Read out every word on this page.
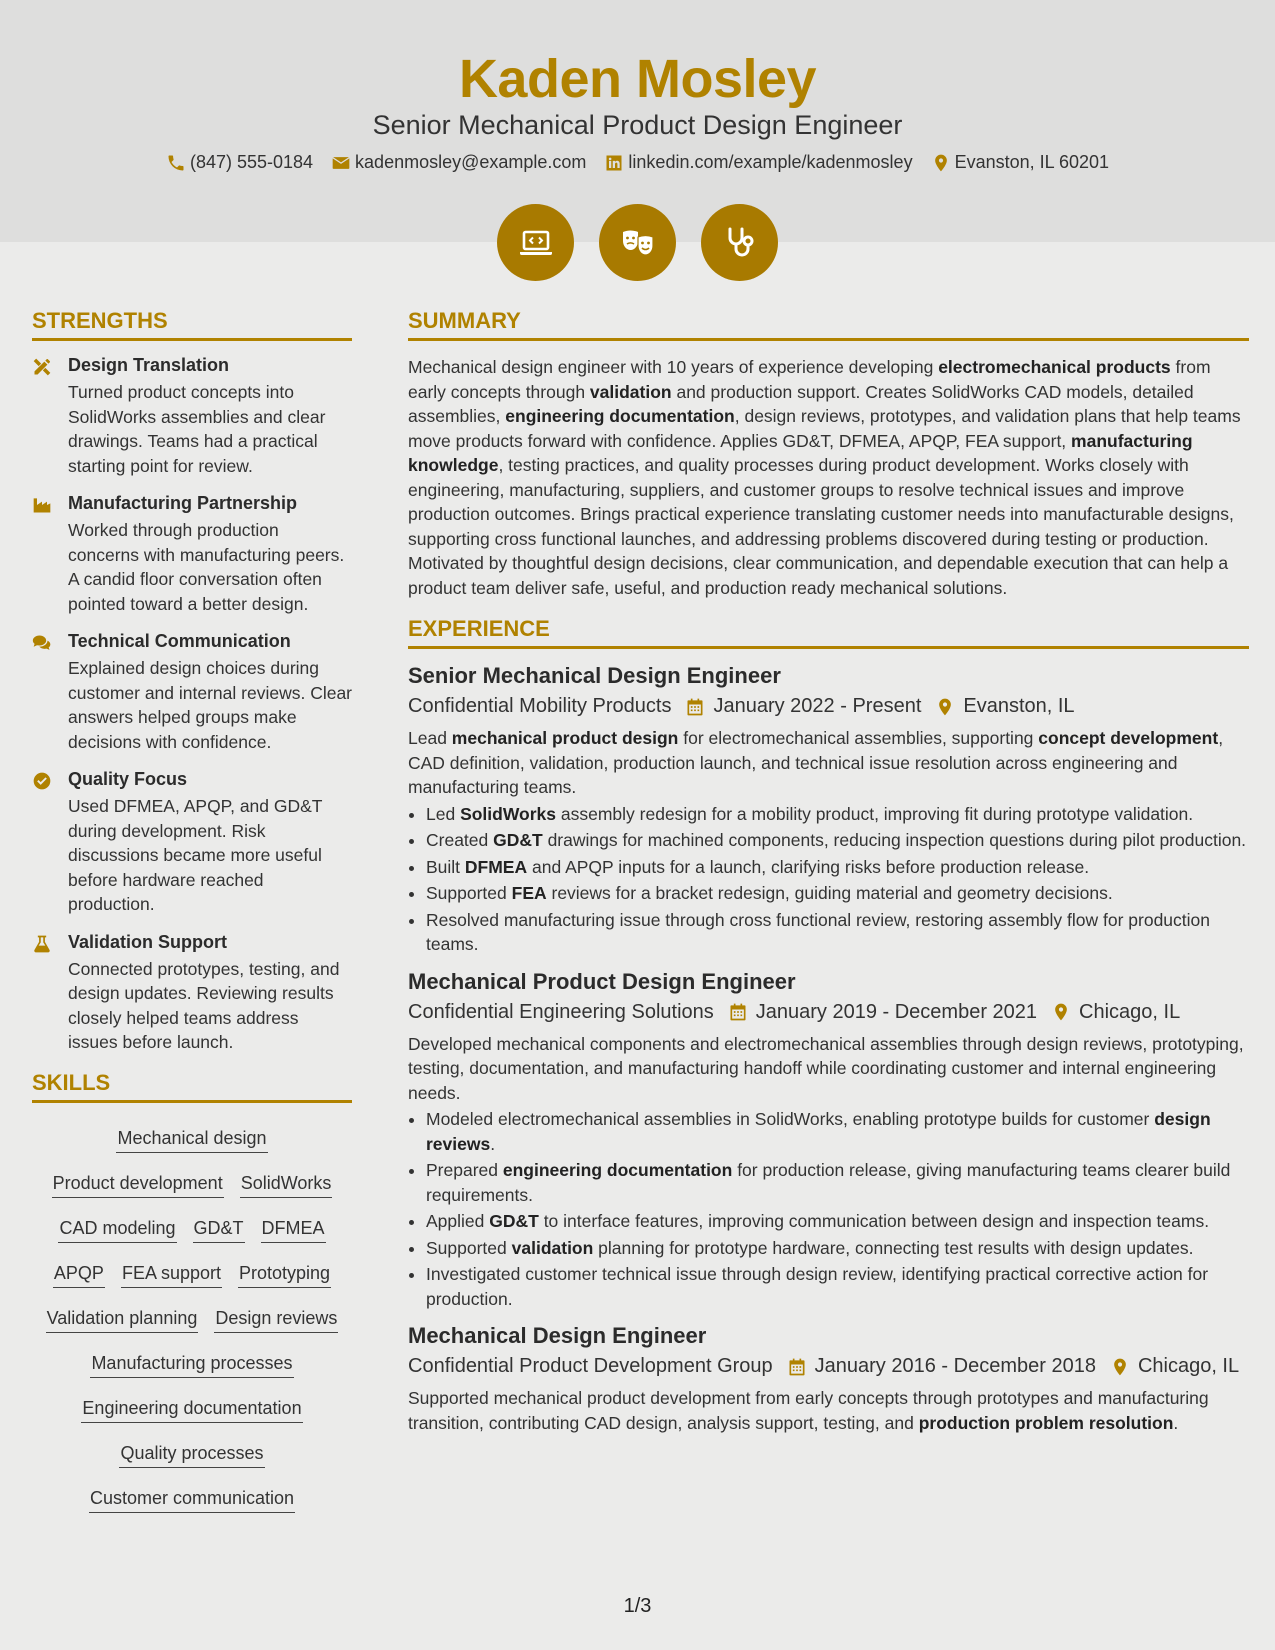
Kaden Mosley
Senior Mechanical Product Design Engineer
(847) 555-0184 kadenmosley@example.com linkedin.com/example/kadenmosley Evanston, IL 60201
STRENGTHS
Design Translation
Turned product concepts into SolidWorks assemblies and clear drawings. Teams had a practical starting point for review.
Manufacturing Partnership
Worked through production concerns with manufacturing peers. A candid floor conversation often pointed toward a better design.
Technical Communication
Explained design choices during customer and internal reviews. Clear answers helped groups make decisions with confidence.
Quality Focus
Used DFMEA, APQP, and GD&T during development. Risk discussions became more useful before hardware reached production.
Validation Support
Connected prototypes, testing, and design updates. Reviewing results closely helped teams address issues before launch.
SKILLS
Mechanical design
Product development SolidWorks
CAD modeling GD&T DFMEA
APQP FEA support Prototyping
Validation planning Design reviews
Manufacturing processes
Engineering documentation
Quality processes
Customer communication
SUMMARY

Mechanical design engineer with 10 years of experience developing electromechanical products from early concepts through validation and production support. Creates SolidWorks CAD models, detailed assemblies, engineering documentation, design reviews, prototypes, and validation plans that help teams move products forward with confidence. Applies GD&T, DFMEA, APQP, FEA support, manufacturing knowledge, testing practices, and quality processes during product development. Works closely with engineering, manufacturing, suppliers, and customer groups to resolve technical issues and improve production outcomes. Brings practical experience translating customer needs into manufacturable designs, supporting cross functional launches, and addressing problems discovered during testing or production. Motivated by thoughtful design decisions, clear communication, and dependable execution that can help a product team deliver safe, useful, and production ready mechanical solutions.

EXPERIENCE
Senior Mechanical Design Engineer
Confidential Mobility Products January 2022 - Present Evanston, IL

Lead mechanical product design for electromechanical assemblies, supporting concept development, CAD definition, validation, production launch, and technical issue resolution across engineering and manufacturing teams.

• Led SolidWorks assembly redesign for a mobility product, improving fit during prototype validation.
• Created GD&T drawings for machined components, reducing inspection questions during pilot production.
• Built DFMEA and APQP inputs for a launch, clarifying risks before production release.
• Supported FEA reviews for a bracket redesign, guiding material and geometry decisions.
• Resolved manufacturing issue through cross functional review, restoring assembly flow for production teams.
Mechanical Product Design Engineer
Confidential Engineering Solutions January 2019 - December 2021 Chicago, IL

Developed mechanical components and electromechanical assemblies through design reviews, prototyping, testing, documentation, and manufacturing handoff while coordinating customer and internal engineering needs.

• Modeled electromechanical assemblies in SolidWorks, enabling prototype builds for customer design reviews.
• Prepared engineering documentation for production release, giving manufacturing teams clearer build requirements.
• Applied GD&T to interface features, improving communication between design and inspection teams.
• Supported validation planning for prototype hardware, connecting test results with design updates.
• Investigated customer technical issue through design review, identifying practical corrective action for production.
Mechanical Design Engineer
Confidential Product Development Group January 2016 - December 2018 Chicago, IL

Supported mechanical product development from early concepts through prototypes and manufacturing transition, contributing CAD design, analysis support, testing, and production problem resolution.

1/3
